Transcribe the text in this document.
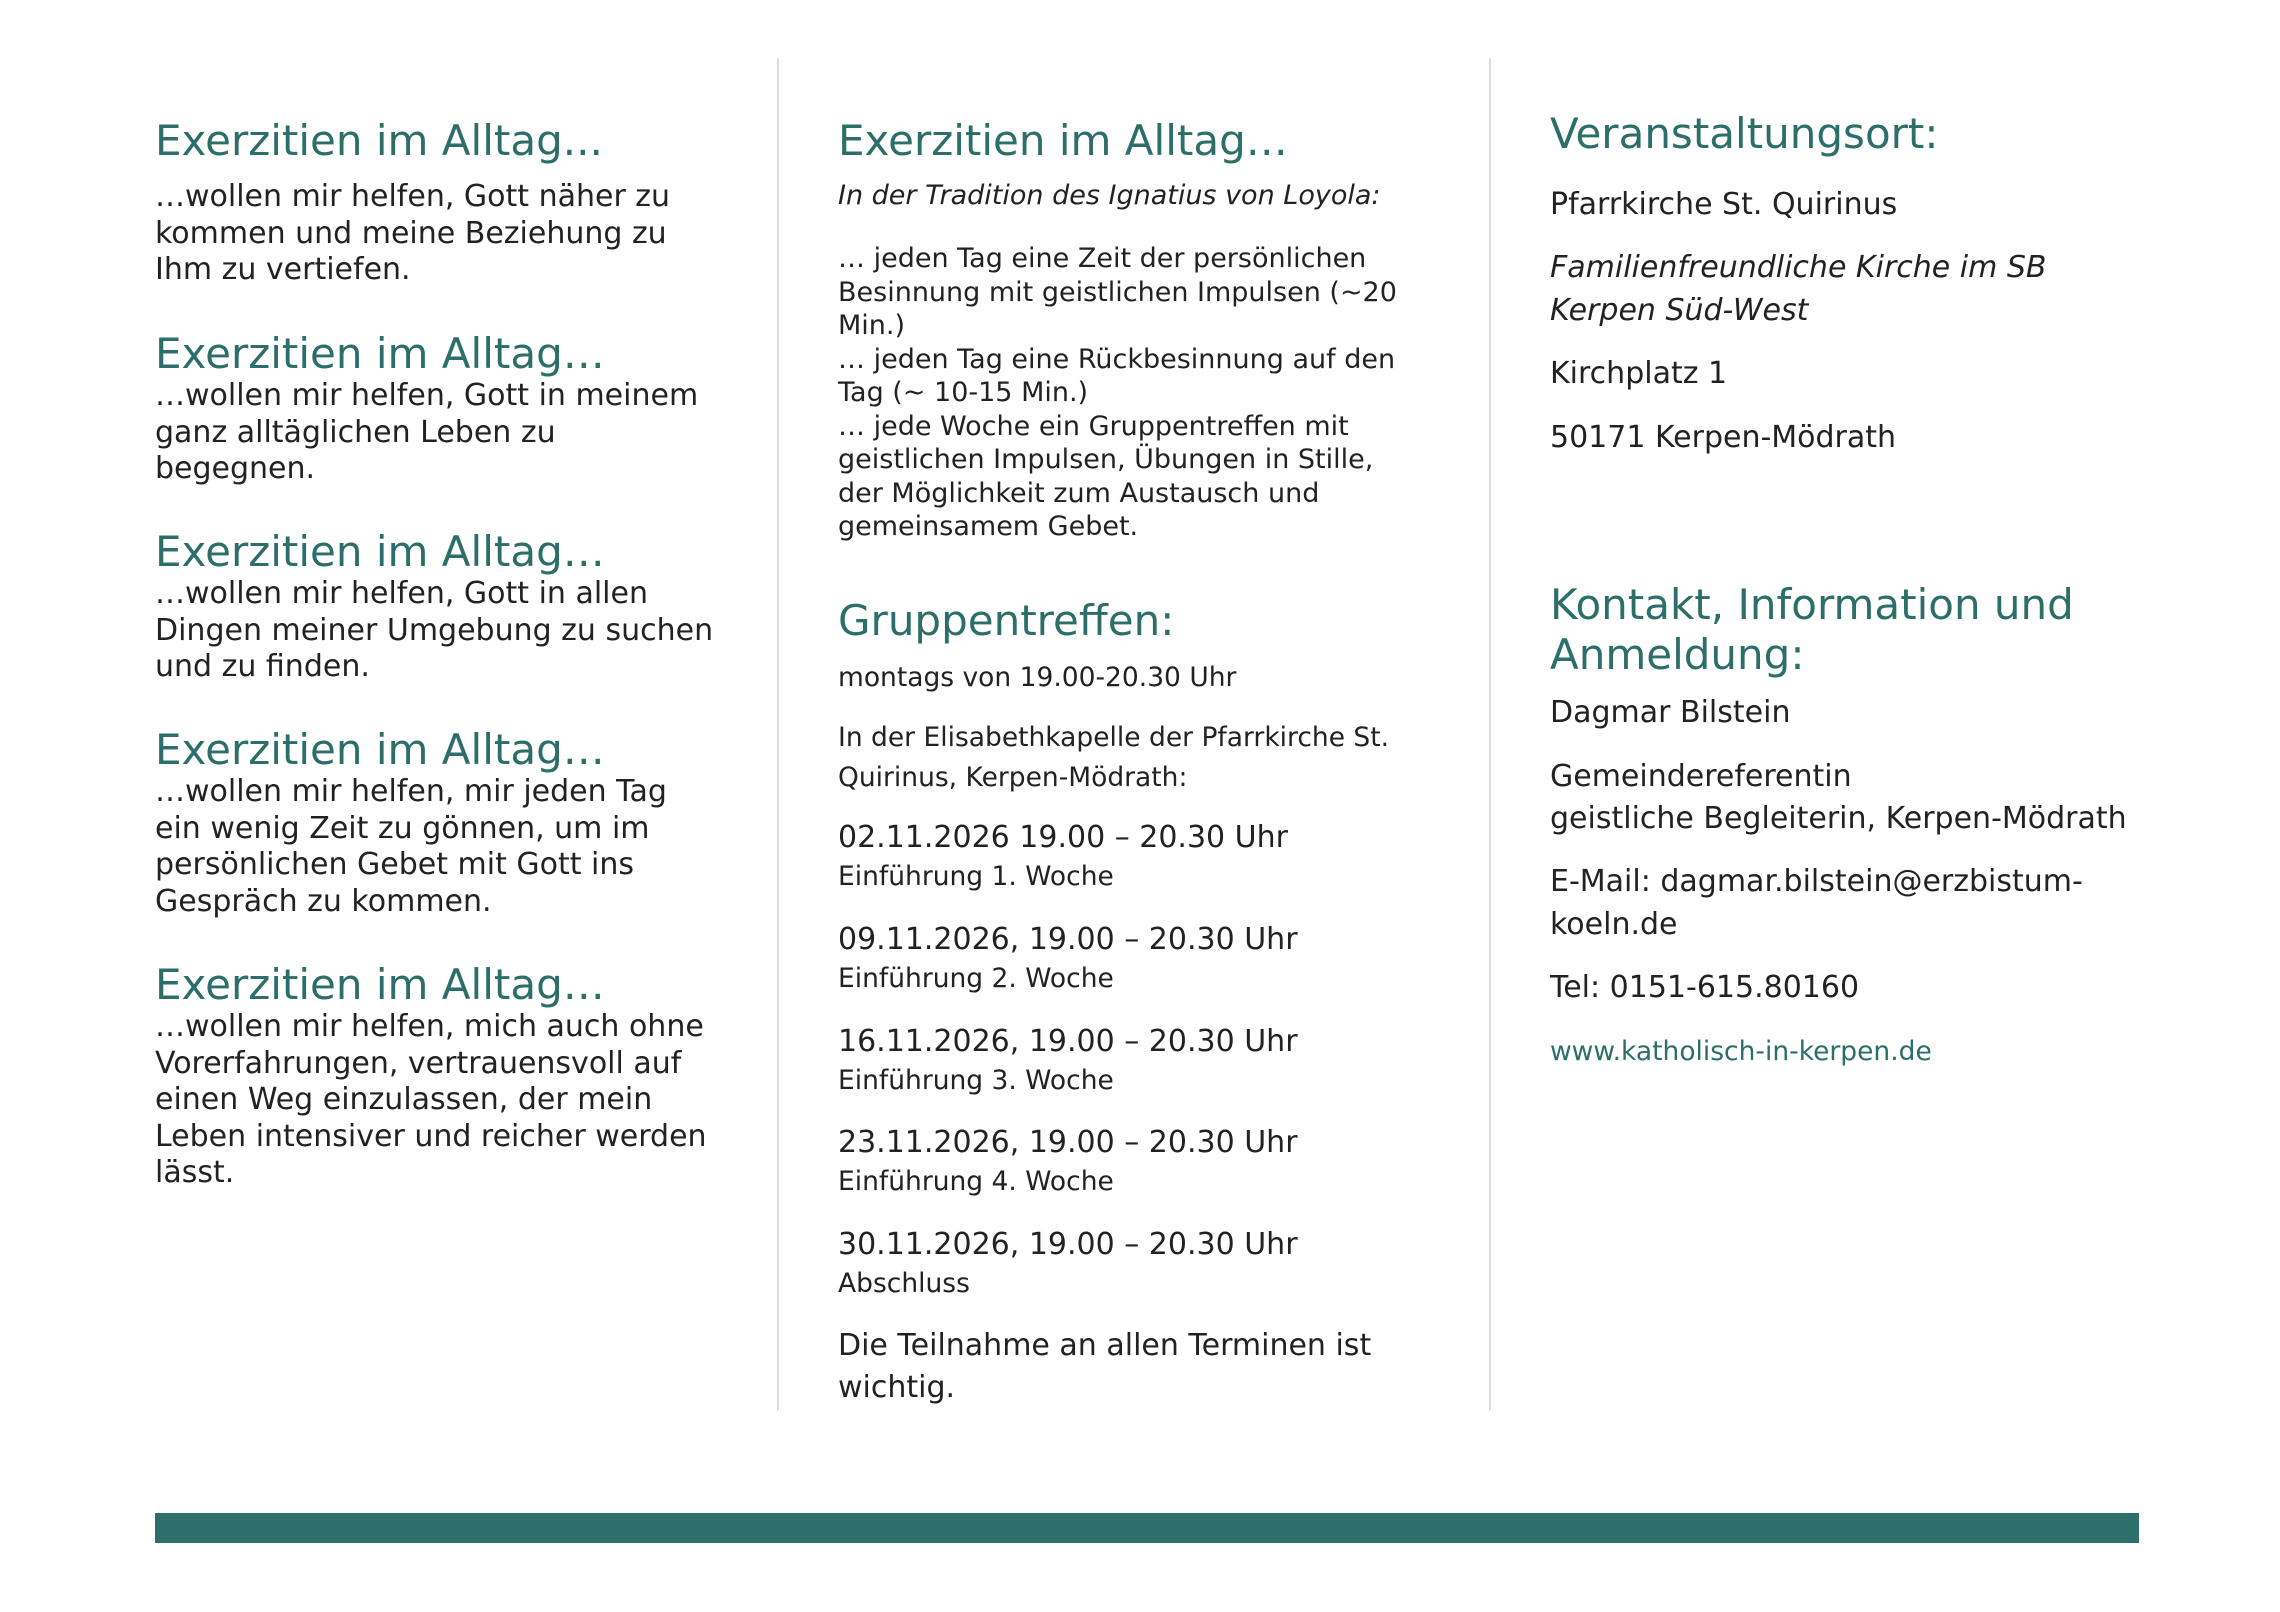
Exerzitien im Alltag...

…wollen mir helfen, Gott näher zu

kommen und meine Beziehung zu

Ihm zu vertiefen.

Exerzitien im Alltag…

…wollen mir helfen, Gott in meinem

ganz alltäglichen Leben zu

begegnen.

Exerzitien im Alltag…

…wollen mir helfen, Gott in allen

Dingen meiner Umgebung zu suchen

und zu finden.

Exerzitien im Alltag…

…wollen mir helfen, mir jeden Tag

ein wenig Zeit zu gönnen, um im

persönlichen Gebet mit Gott ins

Gespräch zu kommen.

Exerzitien im Alltag…

…wollen mir helfen, mich auch ohne

Vorerfahrungen, vertrauensvoll auf

einen Weg einzulassen, der mein

Leben intensiver und reicher werden

lässt.

Exerzitien im Alltag…

In der Tradition des Ignatius von Loyola:

… jeden Tag eine Zeit der persönlichen

Besinnung mit geistlichen Impulsen (~20

Min.)

… jeden Tag eine Rückbesinnung auf den

Tag (~ 10-15 Min.)

… jede Woche ein Gruppentreffen mit

geistlichen Impulsen, Übungen in Stille,

der Möglichkeit zum Austausch und

gemeinsamem Gebet.

Gruppentreffen:

montags von 19.00-20.30 Uhr

In der Elisabethkapelle der Pfarrkirche St.

Quirinus, Kerpen-Mödrath:

02.11.2026 19.00 – 20.30 Uhr

Einführung 1. Woche

09.11.2026, 19.00 – 20.30 Uhr

Einführung 2. Woche

16.11.2026, 19.00 – 20.30 Uhr

Einführung 3. Woche

23.11.2026, 19.00 – 20.30 Uhr

Einführung 4. Woche

30.11.2026, 19.00 – 20.30 Uhr

Abschluss

Die Teilnahme an allen Terminen ist

wichtig.

Veranstaltungsort:

Pfarrkirche St. Quirinus

Familienfreundliche Kirche im SB

Kerpen Süd-West

Kirchplatz 1

50171 Kerpen-Mödrath

Kontakt, Information und
Anmeldung:

Dagmar Bilstein

Gemeindereferentin

geistliche Begleiterin, Kerpen-Mödrath

E-Mail: dagmar.bilstein@erzbistum-

koeln.de

Tel: 0151-615.80160

www.katholisch-in-kerpen.de
